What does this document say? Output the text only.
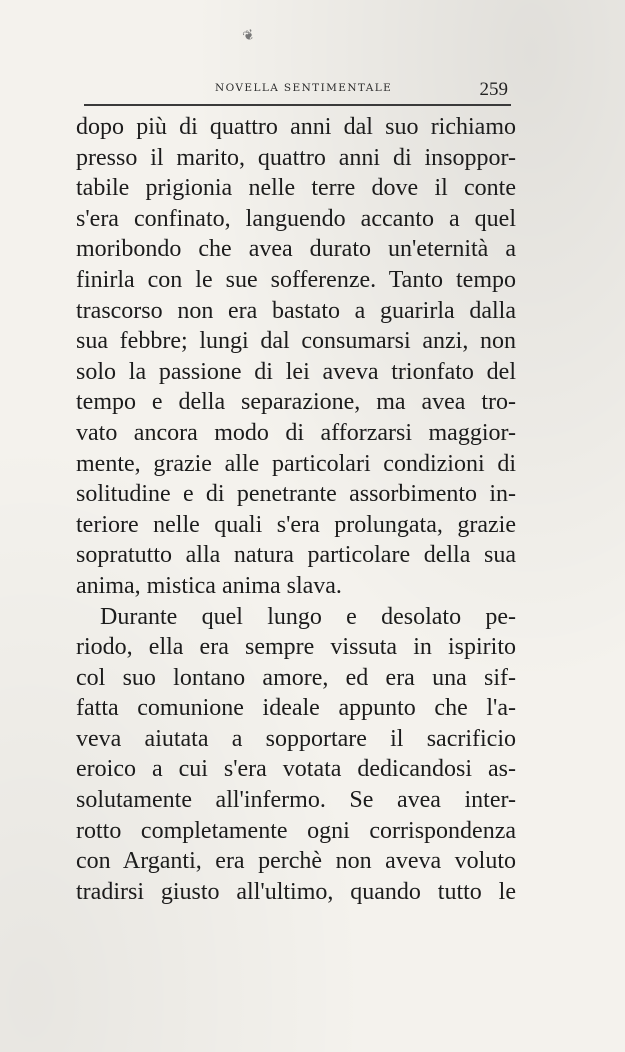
❦
NOVELLA SENTIMENTALE	259
dopo più di quattro anni dal suo richiamo
presso il marito, quattro anni di insoppor-
tabile prigionia nelle terre dove il conte
s'era confinato, languendo accanto a quel
moribondo che avea durato un'eternità a
finirla con le sue sofferenze. Tanto tempo
trascorso non era bastato a guarirla dalla
sua febbre; lungi dal consumarsi anzi, non
solo la passione di lei aveva trionfato del
tempo e della separazione, ma avea tro-
vato ancora modo di afforzarsi maggior-
mente, grazie alle particolari condizioni di
solitudine e di penetrante assorbimento in-
teriore nelle quali s'era prolungata, grazie
sopratutto alla natura particolare della sua
anima, mistica anima slava.
Durante quel lungo e desolato pe-
riodo, ella era sempre vissuta in ispirito
col suo lontano amore, ed era una sif-
fatta comunione ideale appunto che l'a-
veva aiutata a sopportare il sacrificio
eroico a cui s'era votata dedicandosi as-
solutamente all'infermo. Se avea inter-
rotto completamente ogni corrispondenza
con Arganti, era perchè non aveva voluto
tradirsi giusto all'ultimo, quando tutto le
